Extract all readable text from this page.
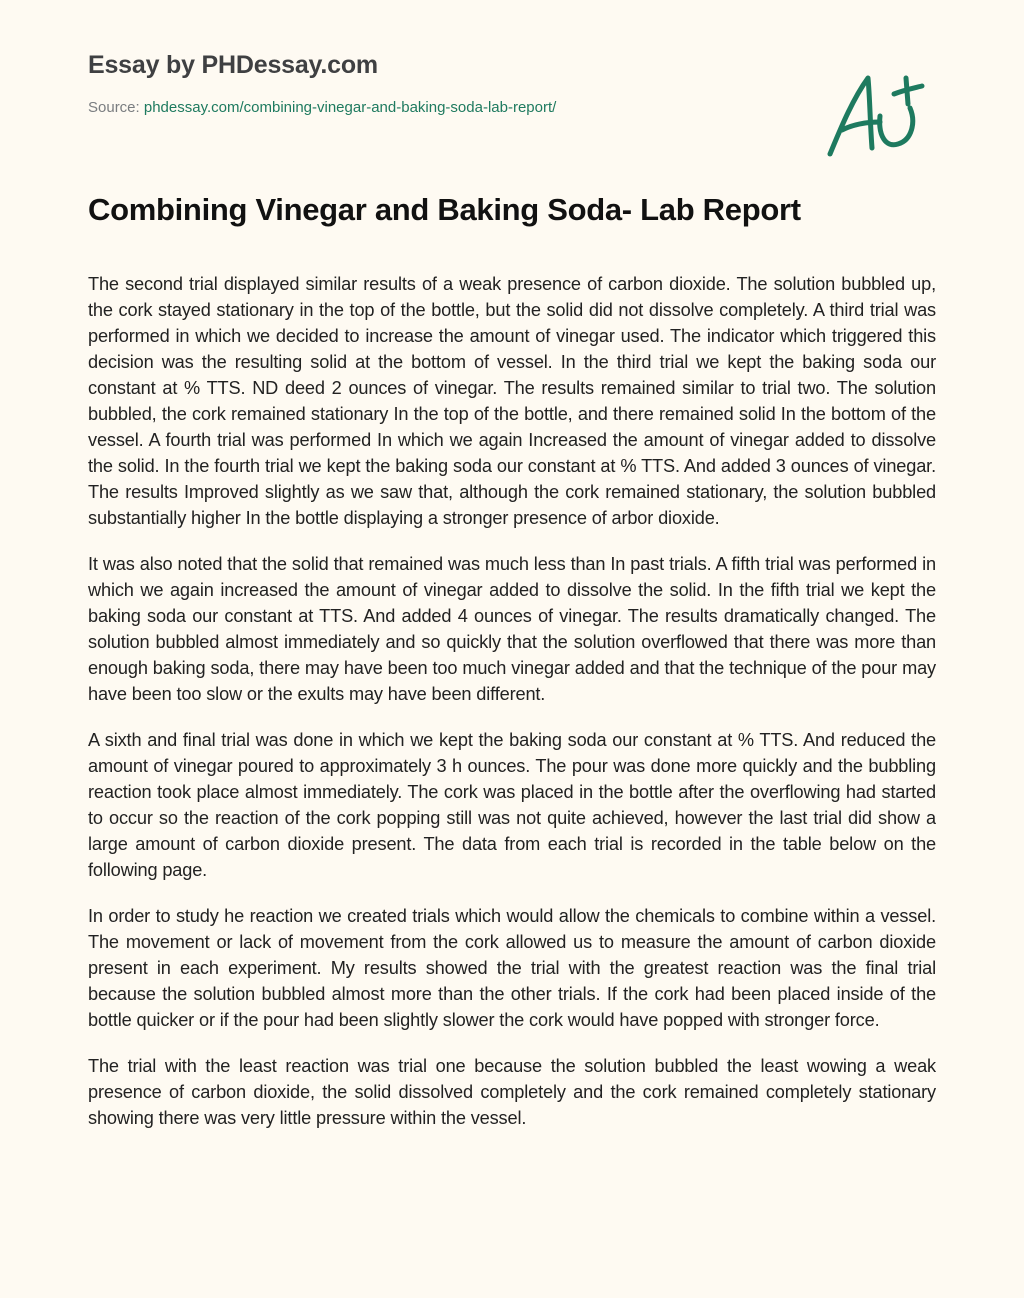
Essay by PHDessay.com
Source: phdessay.com/combining-vinegar-and-baking-soda-lab-report/
Combining Vinegar and Baking Soda- Lab Report

The second trial displayed similar results of a weak presence of carbon dioxide. The solution bubbled up, the cork stayed stationary in the top of the bottle, but the solid did not dissolve completely. A third trial was performed in which we decided to increase the amount of vinegar used. The indicator which triggered this decision was the resulting solid at the bottom of vessel. In the third trial we kept the baking soda our constant at % TTS. ND deed 2 ounces of vinegar. The results remained similar to trial two. The solution bubbled, the cork remained stationary In the top of the bottle, and there remained solid In the bottom of the vessel. A fourth trial was performed In which we again Increased the amount of vinegar added to dissolve the solid. In the fourth trial we kept the baking soda our constant at % TTS. And added 3 ounces of vinegar. The results Improved slightly as we saw that, although the cork remained stationary, the solution bubbled substantially higher In the bottle displaying a stronger presence of arbor dioxide.

It was also noted that the solid that remained was much less than In past trials. A fifth trial was performed in which we again increased the amount of vinegar added to dissolve the solid. In the fifth trial we kept the baking soda our constant at TTS. And added 4 ounces of vinegar. The results dramatically changed. The solution bubbled almost immediately and so quickly that the solution overflowed that there was more than enough baking soda, there may have been too much vinegar added and that the technique of the pour may have been too slow or the exults may have been different.

A sixth and final trial was done in which we kept the baking soda our constant at % TTS. And reduced the amount of vinegar poured to approximately 3 h ounces. The pour was done more quickly and the bubbling reaction took place almost immediately. The cork was placed in the bottle after the overflowing had started to occur so the reaction of the cork popping still was not quite achieved, however the last trial did show a large amount of carbon dioxide present. The data from each trial is recorded in the table below on the following page.

In order to study he reaction we created trials which would allow the chemicals to combine within a vessel. The movement or lack of movement from the cork allowed us to measure the amount of carbon dioxide present in each experiment. My results showed the trial with the greatest reaction was the final trial because the solution bubbled almost more than the other trials. If the cork had been placed inside of the bottle quicker or if the pour had been slightly slower the cork would have popped with stronger force.

The trial with the least reaction was trial one because the solution bubbled the least wowing a weak presence of carbon dioxide, the solid dissolved completely and the cork remained completely stationary showing there was very little pressure within the vessel.
